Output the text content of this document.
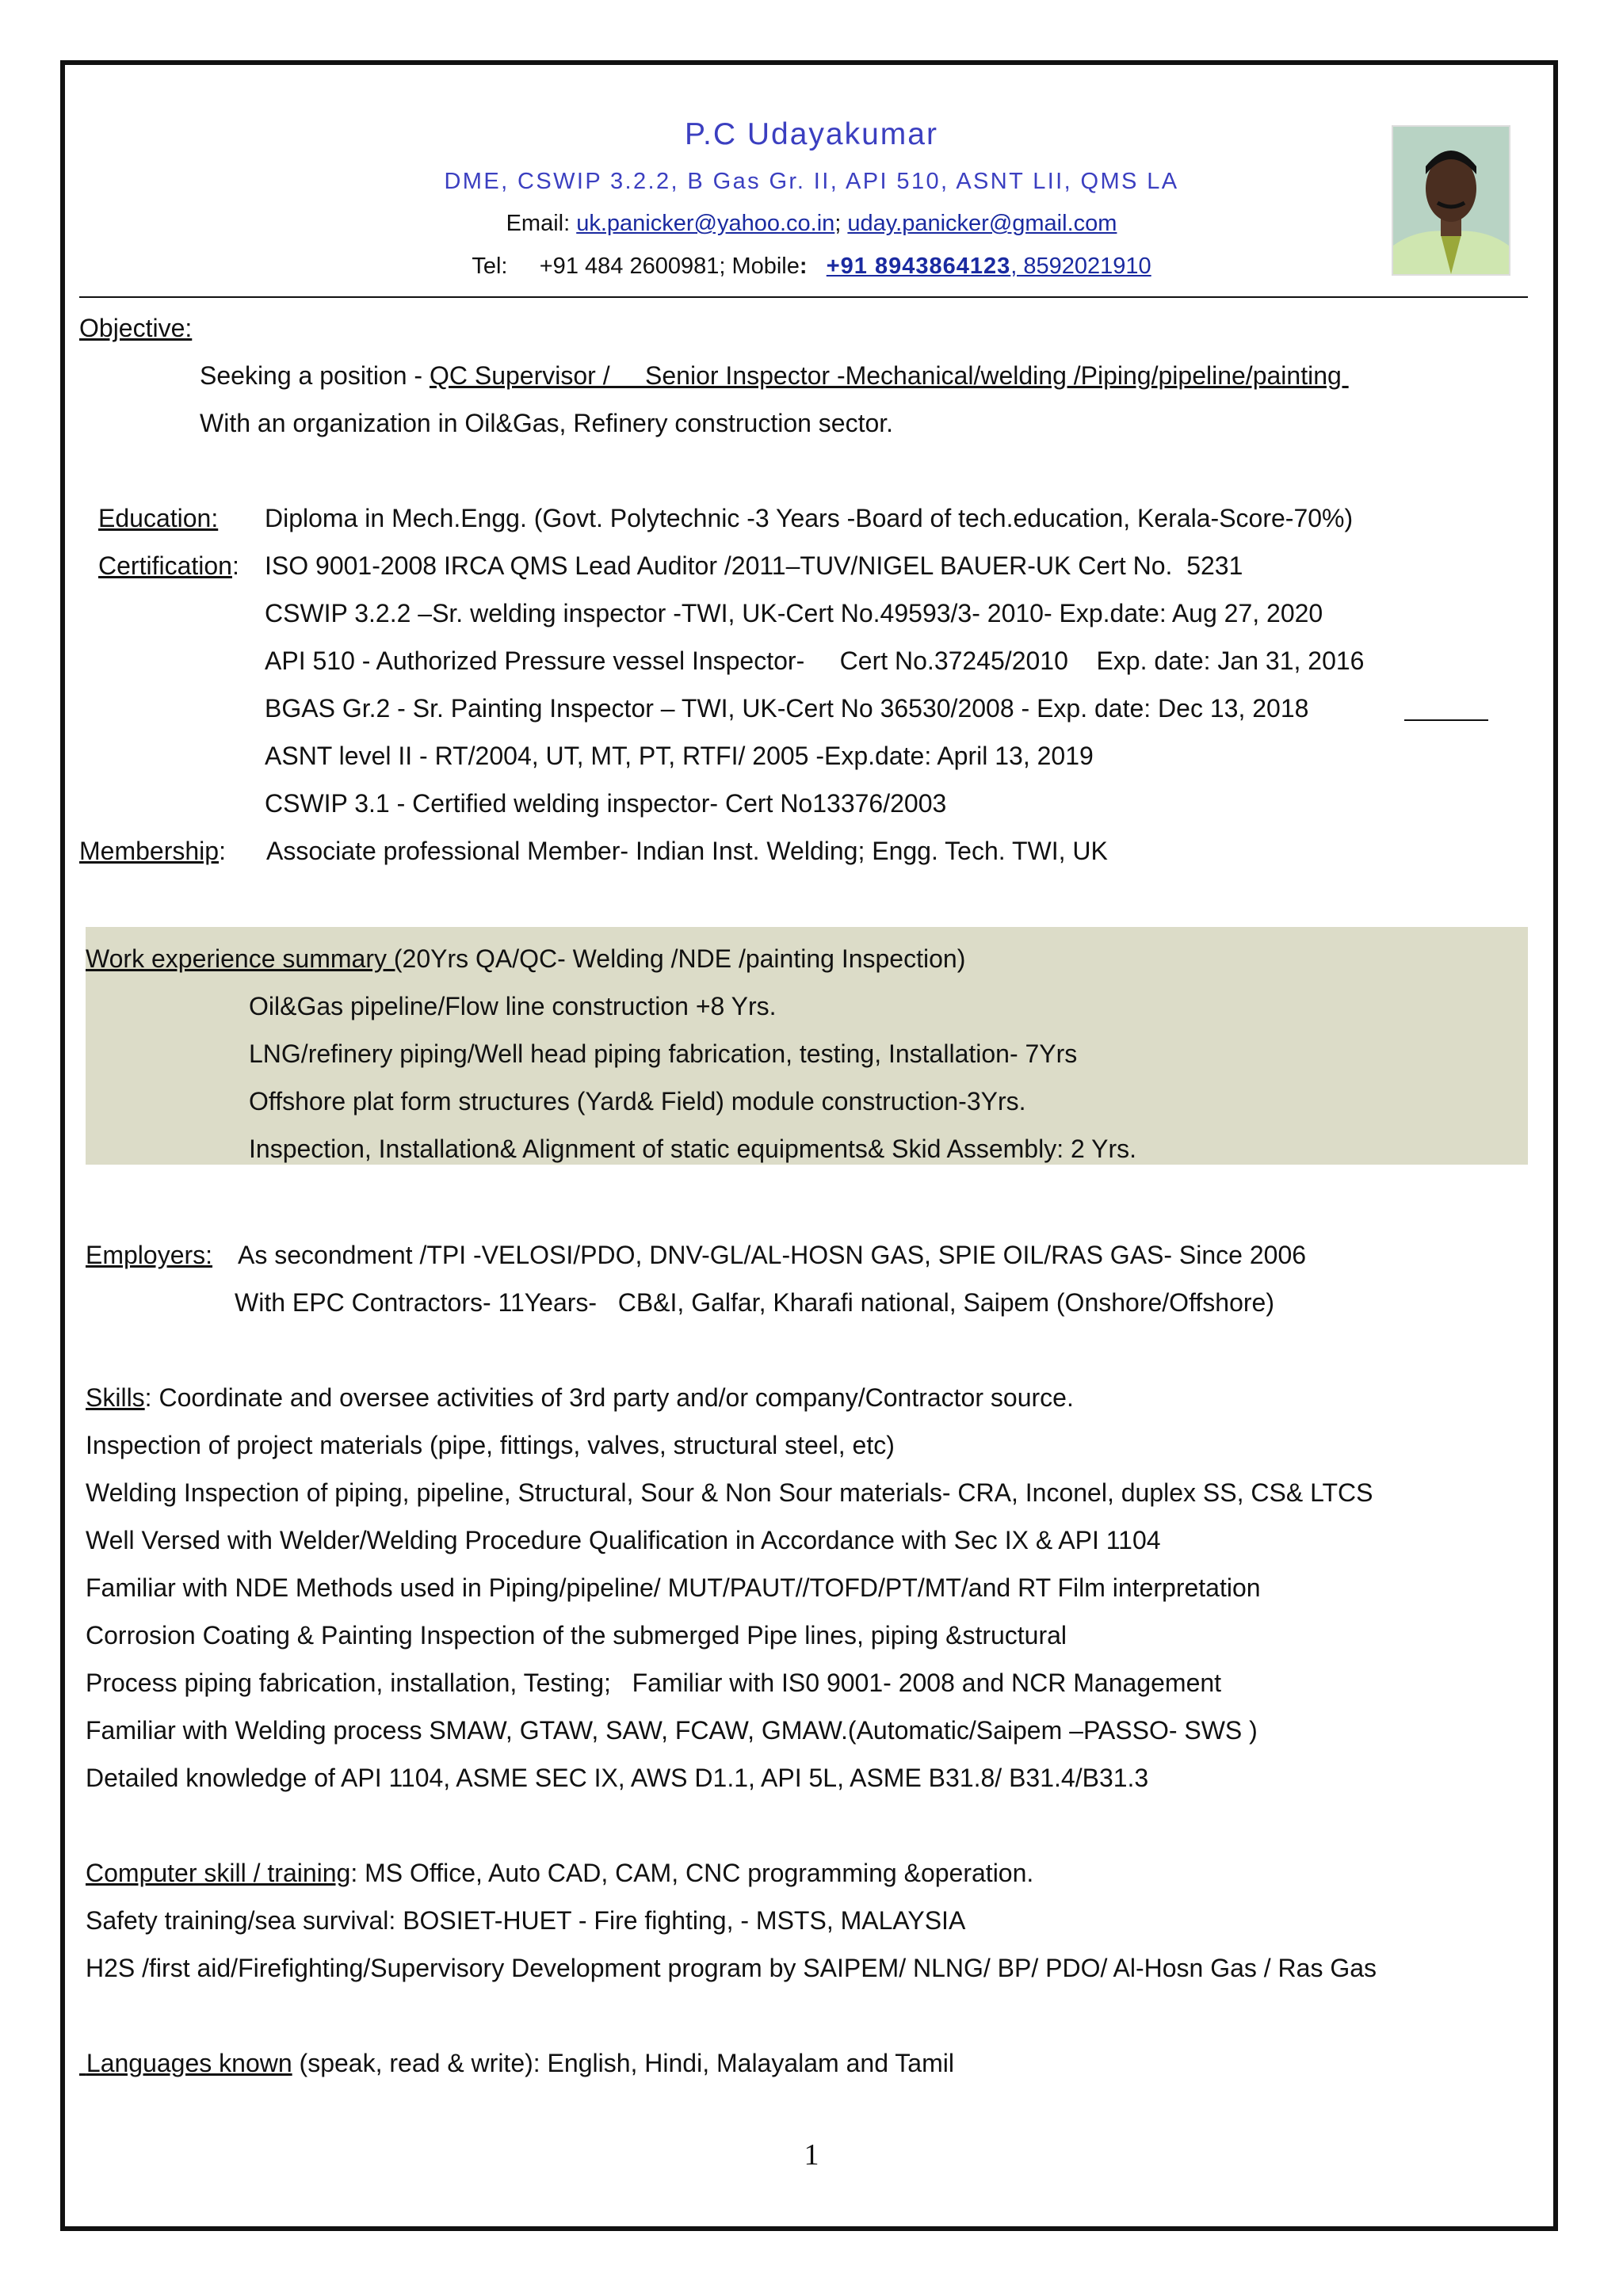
P.C Udayakumar
DME, CSWIP 3.2.2, B Gas Gr. II, API 510, ASNT LII, QMS LA
Email: uk.panicker@yahoo.co.in; uday.panicker@gmail.com
Tel: +91 484 2600981; Mobile: +91 8943864123, 8592021910
Objective:
Seeking a position - QC Supervisor /     Senior Inspector -Mechanical/welding /Piping/pipeline/painting
With an organization in Oil&Gas, Refinery construction sector.
Education: Diploma in Mech.Engg. (Govt. Polytechnic -3 Years -Board of tech.education, Kerala-Score-70%)
Certification: ISO 9001-2008 IRCA QMS Lead Auditor /2011–TUV/NIGEL BAUER-UK Cert No.  5231
CSWIP 3.2.2 –Sr. welding inspector -TWI, UK-Cert No.49593/3- 2010- Exp.date: Aug 27, 2020
API 510 - Authorized Pressure vessel Inspector-     Cert No.37245/2010    Exp. date: Jan 31, 2016
BGAS Gr.2 - Sr. Painting Inspector – TWI, UK-Cert No 36530/2008 - Exp. date: Dec 13, 2018
ASNT level II - RT/2004, UT, MT, PT, RTFI/ 2005 -Exp.date: April 13, 2019
CSWIP 3.1 - Certified welding inspector- Cert No13376/2003
Membership: Associate professional Member- Indian Inst. Welding; Engg. Tech. TWI, UK
Work experience summary (20Yrs QA/QC- Welding /NDE /painting Inspection)
Oil&Gas pipeline/Flow line construction +8 Yrs.
LNG/refinery piping/Well head piping fabrication, testing, Installation- 7Yrs
Offshore plat form structures (Yard& Field) module construction-3Yrs.
Inspection, Installation& Alignment of static equipments& Skid Assembly: 2 Yrs.
Employers: As secondment /TPI -VELOSI/PDO, DNV-GL/AL-HOSN GAS, SPIE OIL/RAS GAS- Since 2006
With EPC Contractors- 11Years-   CB&I, Galfar, Kharafi national, Saipem (Onshore/Offshore)
Skills: Coordinate and oversee activities of 3rd party and/or company/Contractor source.
Inspection of project materials (pipe, fittings, valves, structural steel, etc)
Welding Inspection of piping, pipeline, Structural, Sour & Non Sour materials- CRA, Inconel, duplex SS, CS& LTCS
Well Versed with Welder/Welding Procedure Qualification in Accordance with Sec IX & API 1104
Familiar with NDE Methods used in Piping/pipeline/ MUT/PAUT//TOFD/PT/MT/and RT Film interpretation
Corrosion Coating & Painting Inspection of the submerged Pipe lines, piping &structural
Process piping fabrication, installation, Testing;   Familiar with IS0 9001- 2008 and NCR Management
Familiar with Welding process SMAW, GTAW, SAW, FCAW, GMAW.(Automatic/Saipem –PASSO- SWS )
Detailed knowledge of API 1104, ASME SEC IX, AWS D1.1, API 5L, ASME B31.8/ B31.4/B31.3
Computer skill / training: MS Office, Auto CAD, CAM, CNC programming &operation.
Safety training/sea survival: BOSIET-HUET - Fire fighting, - MSTS, MALAYSIA
H2S /first aid/Firefighting/Supervisory Development program by SAIPEM/ NLNG/ BP/ PDO/ Al-Hosn Gas / Ras Gas
Languages known (speak, read & write): English, Hindi, Malayalam and Tamil
1
